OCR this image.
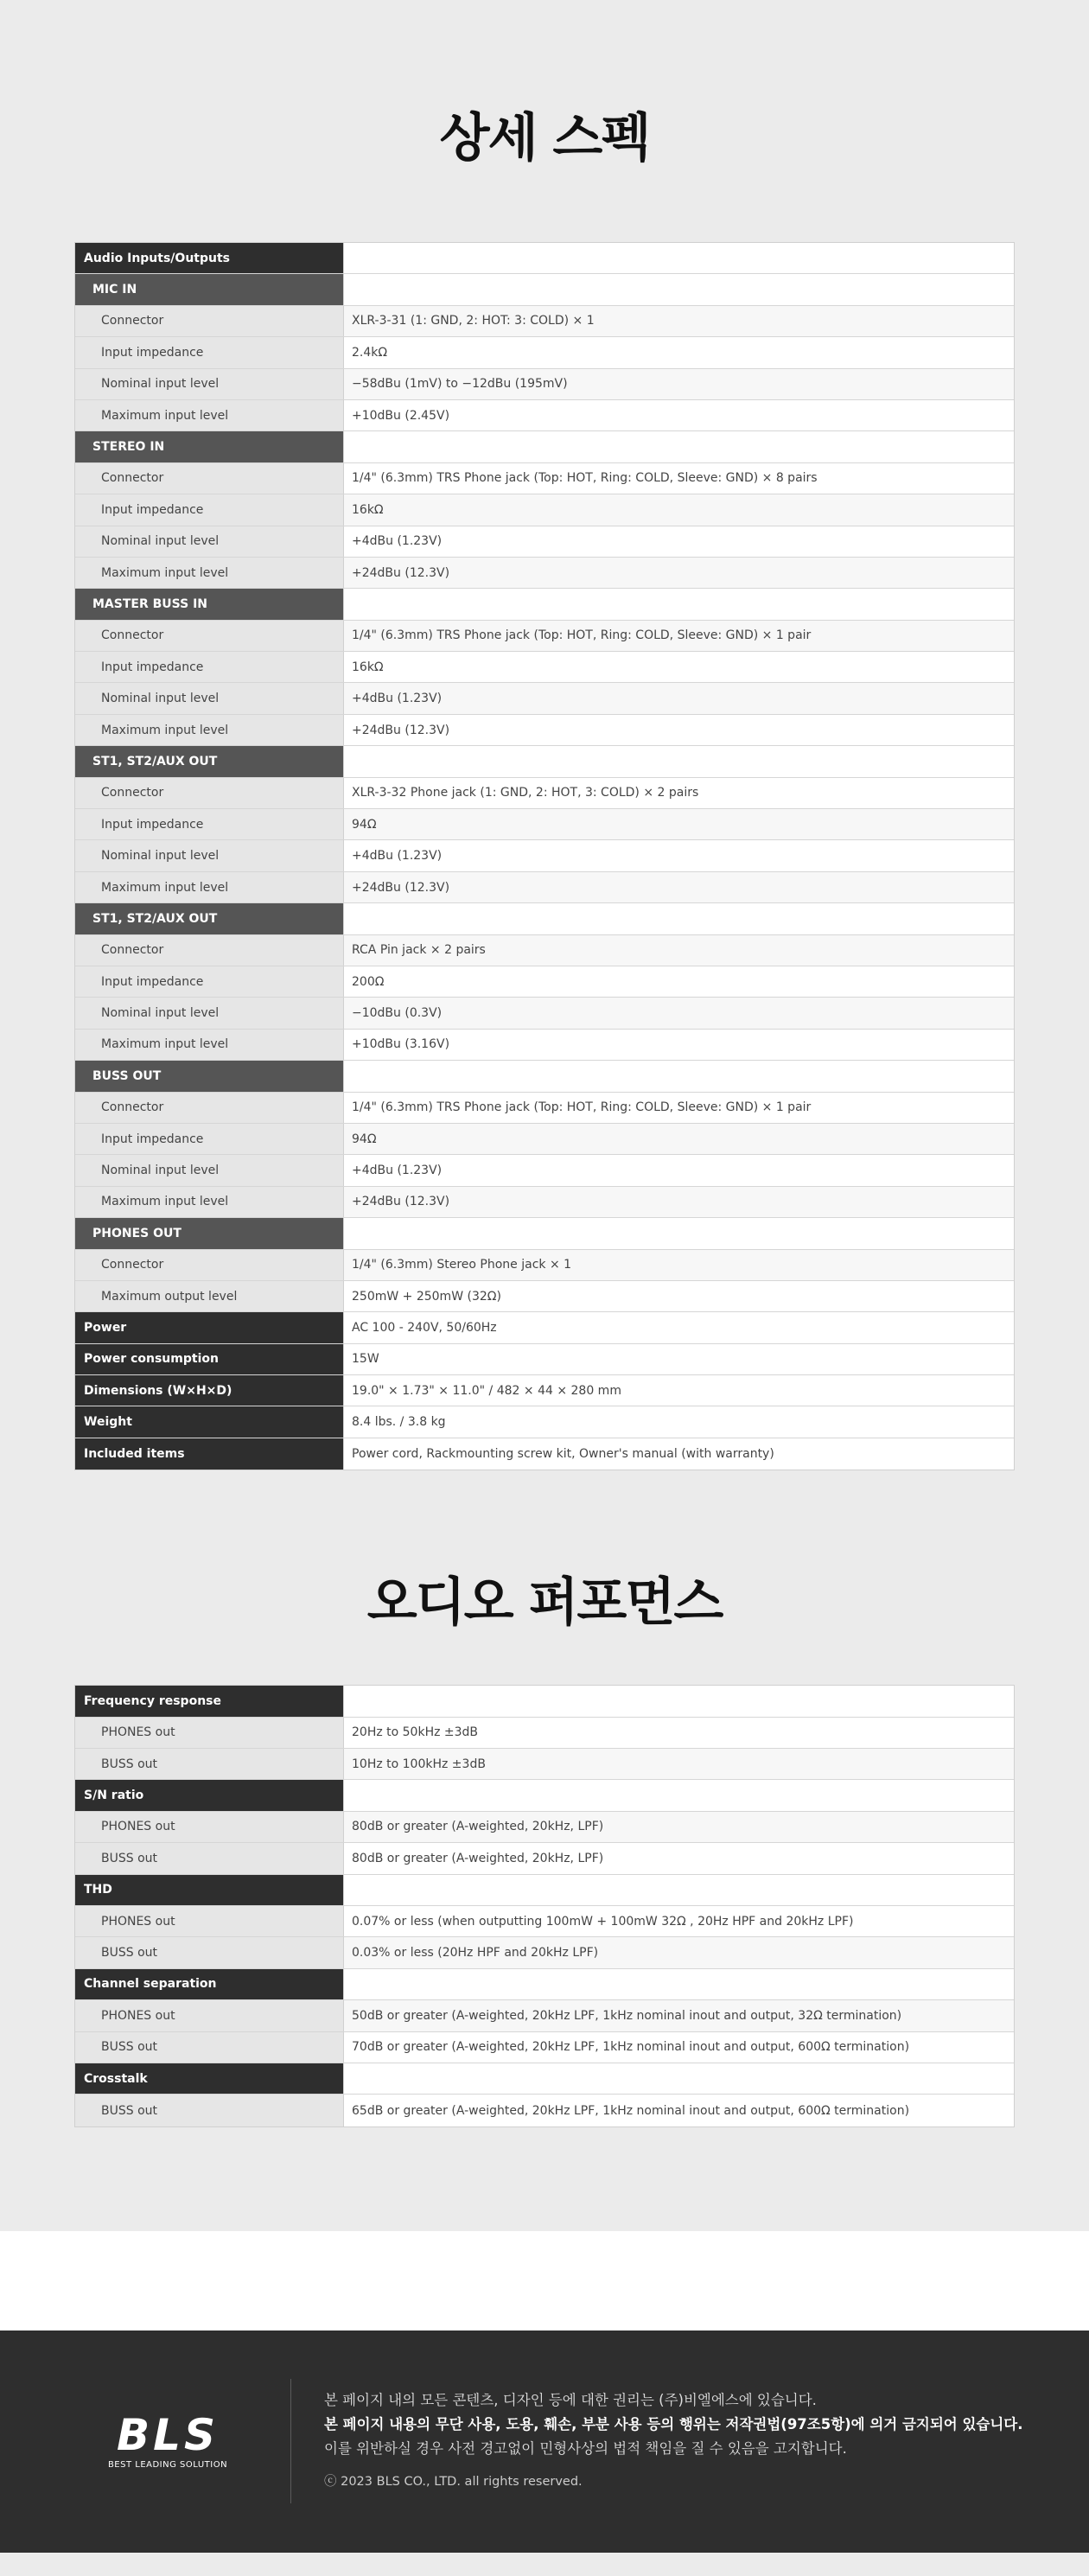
상세 스펙
Audio Inputs/Outputs
MIC IN
Connector	XLR-3-31 (1: GND, 2: HOT: 3: COLD) × 1
Input impedance	2.4kΩ
Nominal input level	−58dBu (1mV) to −12dBu (195mV)
Maximum input level	+10dBu (2.45V)
STEREO IN
Connector	1/4" (6.3mm) TRS Phone jack (Top: HOT, Ring: COLD, Sleeve: GND) × 8 pairs
Input impedance	16kΩ
Nominal input level	+4dBu (1.23V)
Maximum input level	+24dBu (12.3V)
MASTER BUSS IN
Connector	1/4" (6.3mm) TRS Phone jack (Top: HOT, Ring: COLD, Sleeve: GND) × 1 pair
Input impedance	16kΩ
Nominal input level	+4dBu (1.23V)
Maximum input level	+24dBu (12.3V)
ST1, ST2/AUX OUT
Connector	XLR-3-32 Phone jack (1: GND, 2: HOT, 3: COLD) × 2 pairs
Input impedance	94Ω
Nominal input level	+4dBu (1.23V)
Maximum input level	+24dBu (12.3V)
ST1, ST2/AUX OUT
Connector	RCA Pin jack × 2 pairs
Input impedance	200Ω
Nominal input level	−10dBu (0.3V)
Maximum input level	+10dBu (3.16V)
BUSS OUT
Connector	1/4" (6.3mm) TRS Phone jack (Top: HOT, Ring: COLD, Sleeve: GND) × 1 pair
Input impedance	94Ω
Nominal input level	+4dBu (1.23V)
Maximum input level	+24dBu (12.3V)
PHONES OUT
Connector	1/4" (6.3mm) Stereo Phone jack × 1
Maximum output level	250mW + 250mW (32Ω)
Power	AC 100 - 240V, 50/60Hz
Power consumption	15W
Dimensions (W×H×D)	19.0" × 1.73" × 11.0" / 482 × 44 × 280 mm
Weight	8.4 lbs. / 3.8 kg
Included items	Power cord, Rackmounting screw kit, Owner's manual (with warranty)
오디오 퍼포먼스
Frequency response
PHONES out	20Hz to 50kHz ±3dB
BUSS out	10Hz to 100kHz ±3dB
S/N ratio
PHONES out	80dB or greater (A-weighted, 20kHz, LPF)
BUSS out	80dB or greater (A-weighted, 20kHz, LPF)
THD
PHONES out	0.07% or less (when outputting 100mW + 100mW 32Ω , 20Hz HPF and 20kHz LPF)
BUSS out	0.03% or less (20Hz HPF and 20kHz LPF)
Channel separation
PHONES out	50dB or greater (A-weighted, 20kHz LPF, 1kHz nominal inout and output, 32Ω termination)
BUSS out	70dB or greater (A-weighted, 20kHz LPF, 1kHz nominal inout and output, 600Ω termination)
Crosstalk
BUSS out	65dB or greater (A-weighted, 20kHz LPF, 1kHz nominal inout and output, 600Ω termination)
BLS
BEST LEADING SOLUTION
본 페이지 내의 모든 콘텐츠, 디자인 등에 대한 권리는 (주)비엘에스에 있습니다.
본 페이지 내용의 무단 사용, 도용, 훼손, 부분 사용 등의 행위는 저작권법(97조5항)에 의거 금지되어 있습니다.
이를 위반하실 경우 사전 경고없이 민형사상의 법적 책임을 질 수 있음을 고지합니다.
ⓒ 2023 BLS CO., LTD. all rights reserved.
